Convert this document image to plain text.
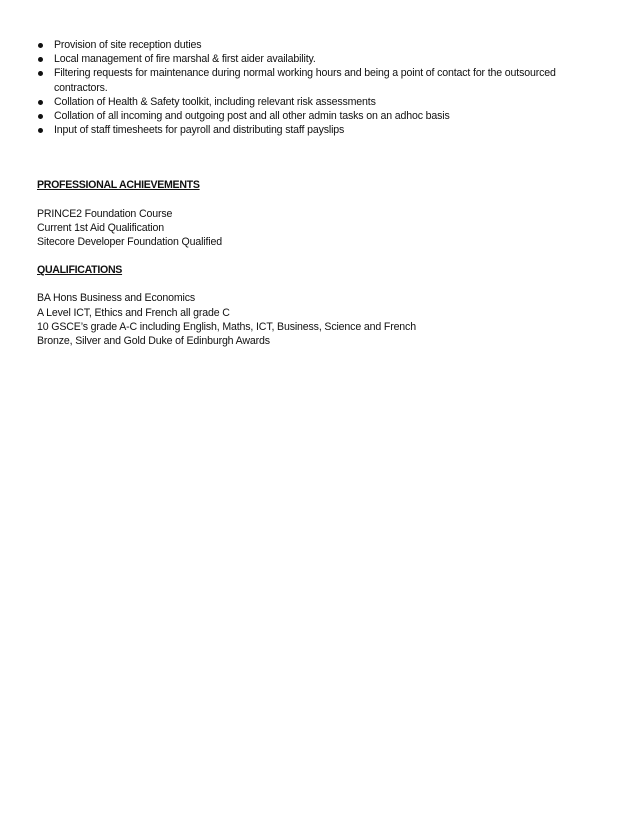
Provision of site reception duties
Local management of fire marshal & first aider availability.
Filtering requests for maintenance during normal working hours and being a point of contact for the outsourced contractors.
Collation of Health & Safety toolkit, including relevant risk assessments
Collation of all incoming and outgoing post and all other admin tasks on an adhoc basis
Input of staff timesheets for payroll and distributing staff payslips
PROFESSIONAL ACHIEVEMENTS
PRINCE2 Foundation Course
Current 1st Aid Qualification
Sitecore Developer Foundation Qualified
QUALIFICATIONS
BA Hons Business and Economics
A Level ICT, Ethics and French all grade C
10 GSCE’s grade A-C including English, Maths, ICT, Business, Science and French
Bronze, Silver and Gold Duke of Edinburgh Awards
